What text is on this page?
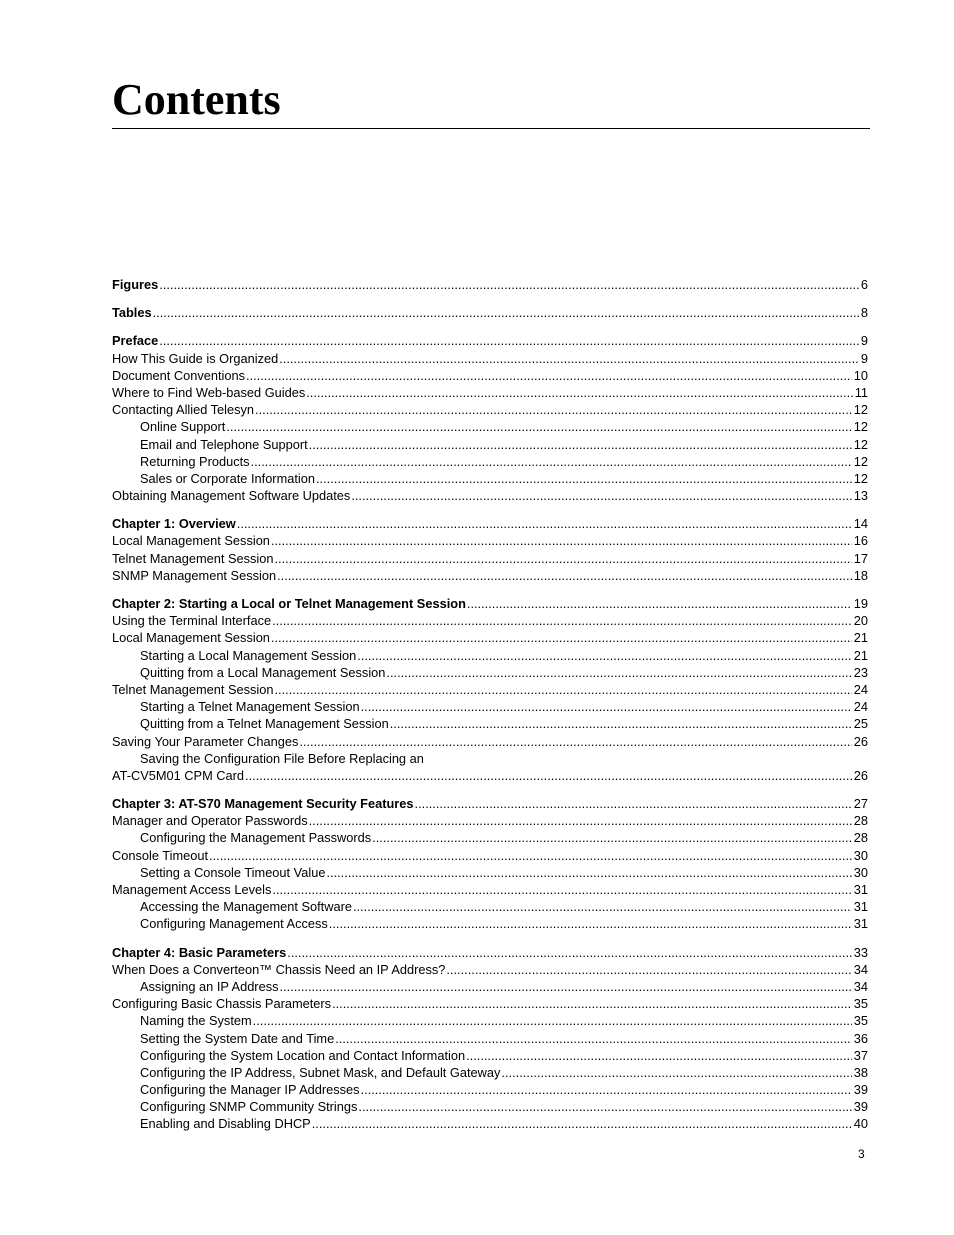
Contents
Figures .....	6
Tables .....	8
Preface .....	9
How This Guide is Organized .....	9
Document Conventions .....	10
Where to Find Web-based Guides .....	11
Contacting Allied Telesyn .....	12
Online Support .....	12
Email and Telephone Support .....	12
Returning Products .....	12
Sales or Corporate Information .....	12
Obtaining Management Software Updates .....	13
Chapter 1: Overview .....	14
Local Management Session .....	16
Telnet Management Session .....	17
SNMP Management Session .....	18
Chapter 2: Starting a Local or Telnet Management Session .....	19
Using the Terminal Interface .....	20
Local Management Session .....	21
Starting a Local Management Session .....	21
Quitting from a Local Management Session .....	23
Telnet Management Session .....	24
Starting a Telnet Management Session .....	24
Quitting from a Telnet Management Session .....	25
Saving Your Parameter Changes .....	26
Saving the Configuration File Before Replacing an
AT-CV5M01 CPM Card .....	26
Chapter 3: AT-S70 Management Security Features .....	27
Manager and Operator Passwords .....	28
Configuring the Management Passwords .....	28
Console Timeout .....	30
Setting a Console Timeout Value .....	30
Management Access Levels .....	31
Accessing the Management Software .....	31
Configuring Management Access .....	31
Chapter 4: Basic Parameters .....	33
When Does a Converteon™ Chassis Need an IP Address? .....	34
Assigning an IP Address .....	34
Configuring Basic Chassis Parameters .....	35
Naming the System .....	35
Setting the System Date and Time .....	36
Configuring the System Location and Contact Information .....	37
Configuring the IP Address, Subnet Mask, and Default Gateway .....	38
Configuring the Manager IP Addresses .....	39
Configuring SNMP Community Strings .....	39
Enabling and Disabling DHCP .....	40
3
